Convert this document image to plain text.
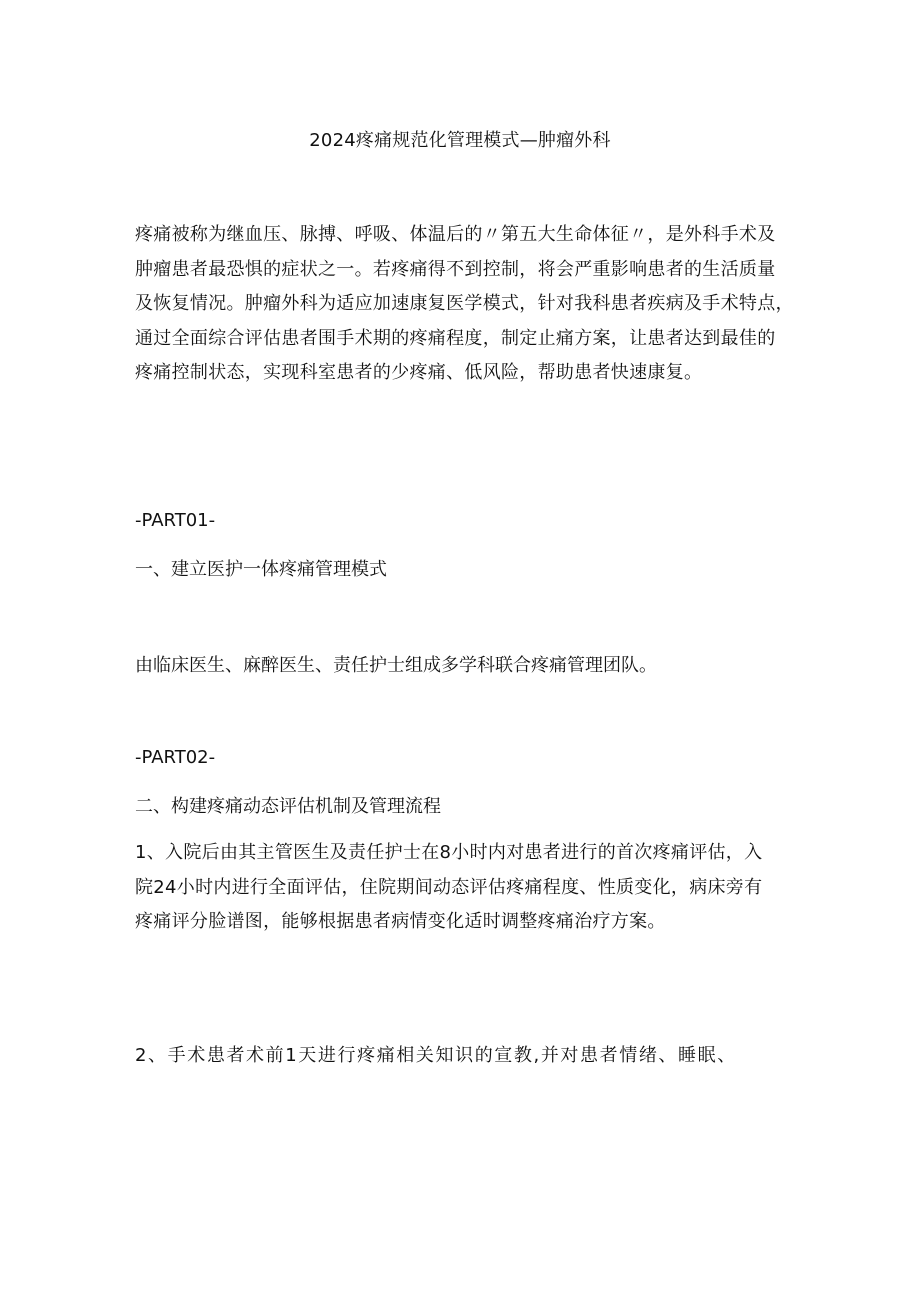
2024疼痛规范化管理模式—肿瘤外科
疼痛被称为继血压、脉搏、呼吸、体温后的〃第五大生命体征〃，是外科手术及
肿瘤患者最恐惧的症状之一。若疼痛得不到控制，将会严重影响患者的生活质量
及恢复情况。肿瘤外科为适应加速康复医学模式，针对我科患者疾病及手术特点，
通过全面综合评估患者围手术期的疼痛程度，制定止痛方案，让患者达到最佳的
疼痛控制状态，实现科室患者的少疼痛、低风险，帮助患者快速康复。
-PART01-
一、建立医护一体疼痛管理模式
由临床医生、麻醉医生、责任护士组成多学科联合疼痛管理团队。
-PART02-
二、构建疼痛动态评估机制及管理流程
1、入院后由其主管医生及责任护士在8小时内对患者进行的首次疼痛评估，入
院24小时内进行全面评估，住院期间动态评估疼痛程度、性质变化，病床旁有
疼痛评分脸谱图，能够根据患者病情变化适时调整疼痛治疗方案。
2、手术患者术前1天进行疼痛相关知识的宣教,并对患者情绪、睡眠、
